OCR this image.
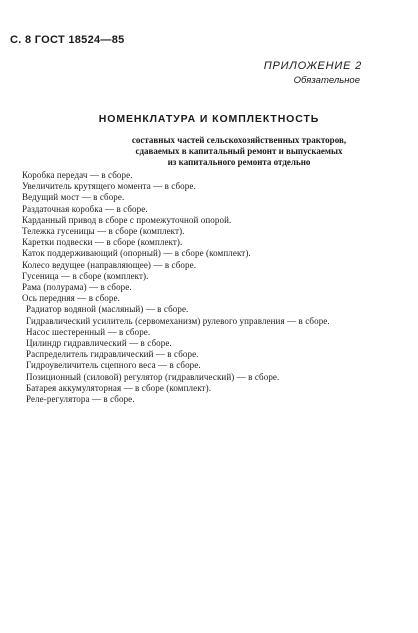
С. 8 ГОСТ 18524—85
ПРИЛОЖЕНИЕ 2
Обязательное
НОМЕНКЛАТУРА И КОМПЛЕКТНОСТЬ
составных частей сельскохозяйственных тракторов,
сдаваемых в капитальный ремонт и выпускаемых
из капитального ремонта отдельно
Коробка передач — в сборе.
Увеличитель крутящего момента — в сборе.
Ведущий мост — в сборе.
Раздаточная коробка — в сборе.
Карданный привод в сборе с промежуточной опорой.
Тележка гусеницы — в сборе (комплект).
Каретки подвески — в сборе (комплект).
Каток поддерживающий (опорный) — в сборе (комплект).
Колесо ведущее (направляющее) — в сборе.
Гусеница — в сборе (комплект).
Рама (полурама) — в сборе.
Ось передняя — в сборе.
Радиатор водяной (масляный) — в сборе.
Гидравлический усилитель (сервомеханизм) рулевого управления — в сборе.
Насос шестеренный — в сборе.
Цилиндр гидравлический — в сборе.
Распределитель гидравлический — в сборе.
Гидроувеличитель сцепного веса — в сборе.
Позиционный (силовой) регулятор (гидравлический) — в сборе.
Батарея аккумуляторная — в сборе (комплект).
Реле-регулятора — в сборе.
